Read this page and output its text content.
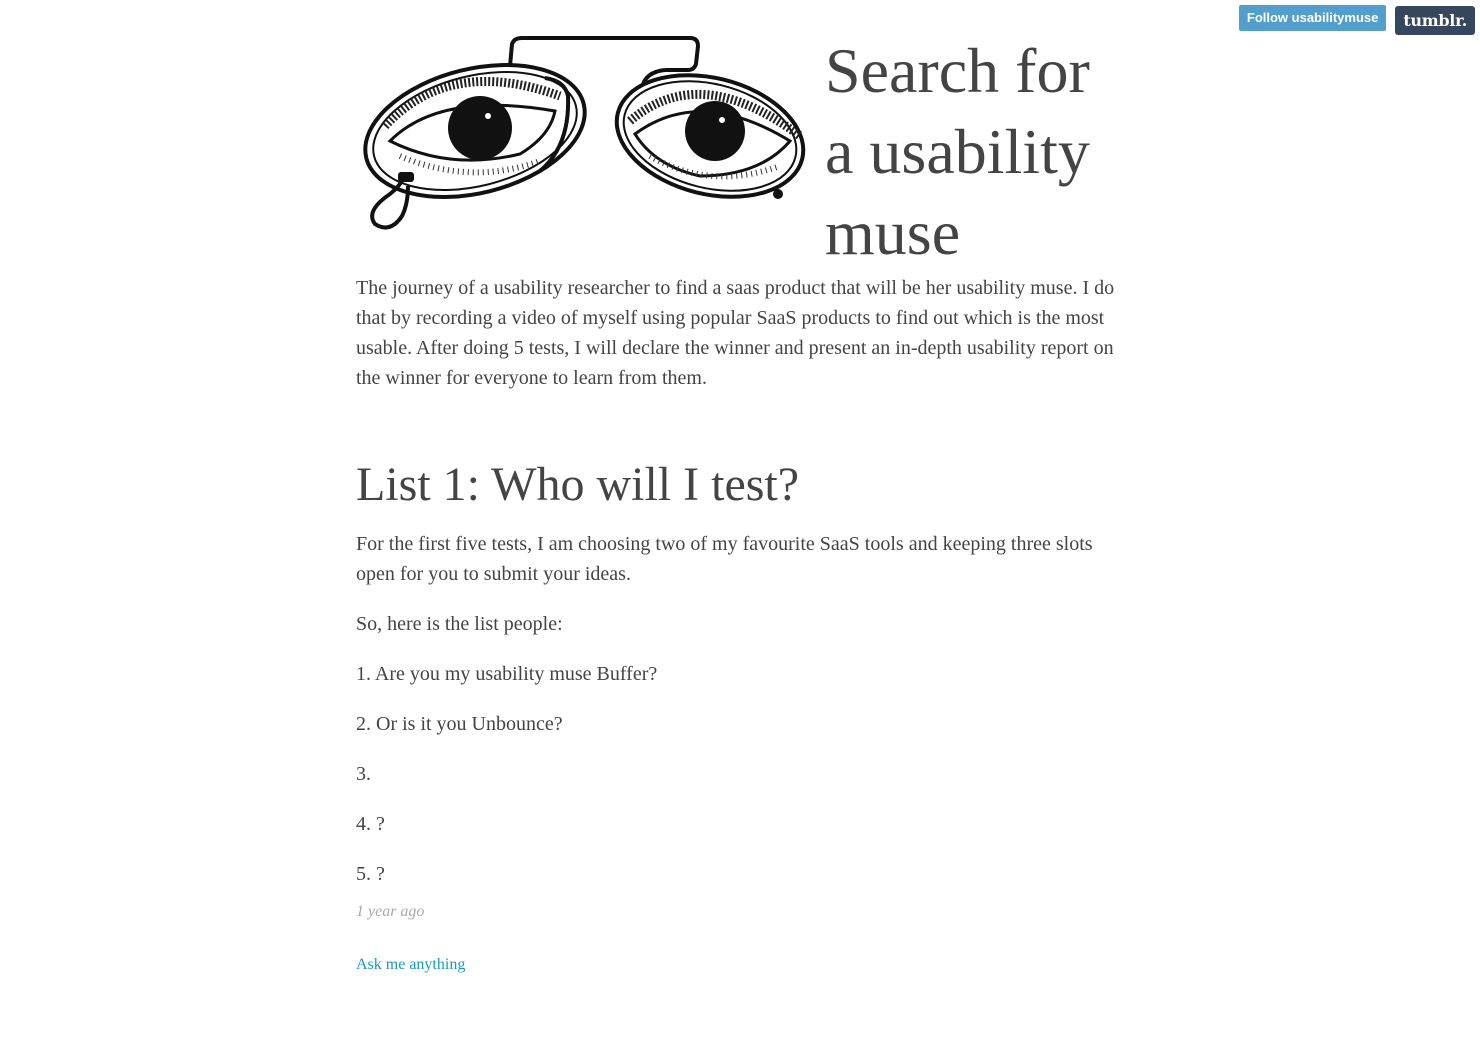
Follow usabilitymuse	tumblr.
Search for a usability muse

The journey of a usability researcher to find a saas product that will be her usability muse. I do that by recording a video of myself using popular SaaS products to find out which is the most usable. After doing 5 tests, I will declare the winner and present an in-depth usability report on the winner for everyone to learn from them.

List 1: Who will I test?

For the first five tests, I am choosing two of my favourite SaaS tools and keeping three slots open for you to submit your ideas.

So, here is the list people:

1. Are you my usability muse Buffer?

2. Or is it you Unbounce?

3.

4. ?

5. ?

1 year ago
Ask me anything
